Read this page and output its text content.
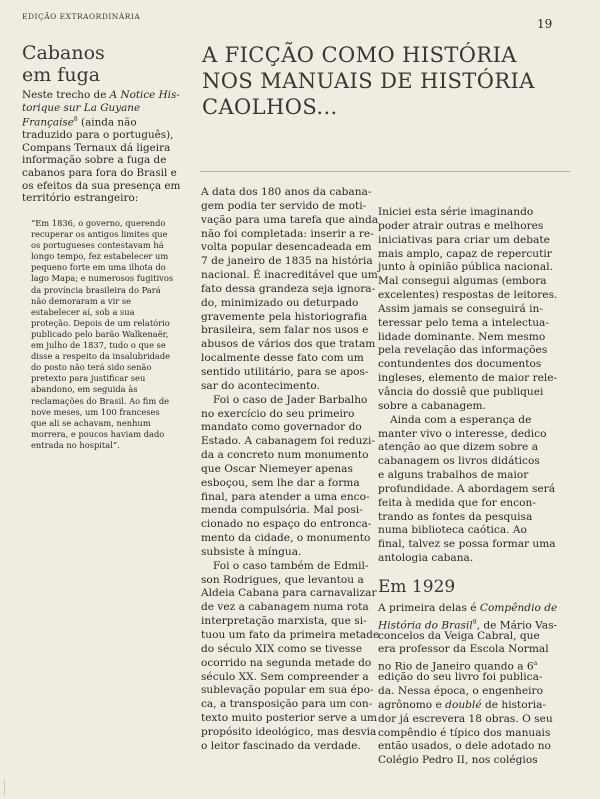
EDIÇÃO EXTRAORDINÁRIA
19
Cabanos
em fuga
Neste trecho de A Notice His- torique sur La Guyane Française$^8$ (ainda não traduzido para o português), Compans Ternaux dá ligeira informação sobre a fuga de cabanos para fora do Brasil e os efeitos da sua presença em território estrangeiro:
“Em 1836, o governo, querendo recuperar os antigos limites que os portugueses contestavam há longo tempo, fez estabelecer um pequeno forte em uma ilhota do lago Mapa; e numerosos fugitivos da província brasileira do Pará não demoraram a vir se estabelecer aí, sob a sua proteção. Depois de um relatório publicado pelo barão Walkenaër, em julho de 1837, tudo o que se disse a respeito da insalubridade do posto não terá sido senão pretexto para justificar seu abandono, em seguida às reclamações do Brasil. Ao fim de nove meses, um 100 franceses que ali se achavam, nenhum morrera, e poucos haviam dado entrada no hospital”.
A FICÇÃO COMO HISTÓRIA
NOS MANUAIS DE HISTÓRIA
CAOLHOS...
A data dos 180 anos da cabana-
gem podia ter servido de moti-
vação para uma tarefa que ainda
não foi completada: inserir a re-
volta popular desencadeada em
7 de janeiro de 1835 na história
nacional. É inacreditável que um
fato dessa grandeza seja ignora-
do, minimizado ou deturpado
gravemente pela historiografia
brasileira, sem falar nos usos e
abusos de vários dos que tratam
localmente desse fato com um
sentido utilitário, para se apos-
sar do acontecimento.
Foi o caso de Jader Barbalho
no exercício do seu primeiro
mandato como governador do
Estado. A cabanagem foi reduzi-
da a concreto num monumento
que Oscar Niemeyer apenas
esboçou, sem lhe dar a forma
final, para atender a uma enco-
menda compulsória. Mal posi-
cionado no espaço do entronca-
mento da cidade, o monumento
subsiste à míngua.
Foi o caso também de Edmil-
son Rodrigues, que levantou a
Aldeia Cabana para carnavalizar
de vez a cabanagem numa rota
interpretação marxista, que si-
tuou um fato da primeira metade
do século XIX como se tivesse
ocorrido na segunda metade do
século XX. Sem compreender a
sublevação popular em sua épo-
ca, a transposição para um con-
texto muito posterior serve a um
propósito ideológico, mas desvia
o leitor fascinado da verdade.
Iniciei esta série imaginando
poder atrair outras e melhores
iniciativas para criar um debate
mais amplo, capaz de repercutir
junto à opinião pública nacional.
Mal consegui algumas (embora
excelentes) respostas de leitores.
Assim jamais se conseguirá in-
teressar pelo tema a intelectua-
lidade dominante. Nem mesmo
pela revelação das informações
contundentes dos documentos
ingleses, elemento de maior rele-
vância do dossiê que publiquei
sobre a cabanagem.
Ainda com a esperança de
manter vivo o interesse, dedico
atenção ao que dizem sobre a
cabanagem os livros didáticos
e alguns trabalhos de maior
profundidade. A abordagem será
feita à medida que for encon-
trando as fontes da pesquisa
numa biblioteca caótica. Ao
final, talvez se possa formar uma
antologia cabana.
Em 1929
A primeira delas é Compêndio de
História do Brasil$^9$, de Mário Vas-
concelos da Veiga Cabral, que
era professor da Escola Normal
no Rio de Janeiro quando a 6$^a$
edição do seu livro foi publica-
da. Nessa época, o engenheiro
agrônomo e doublé de historia-
dor já escrevera 18 obras. O seu
compêndio é típico dos manuais
então usados, o dele adotado no
Colégio Pedro II, nos colégios
